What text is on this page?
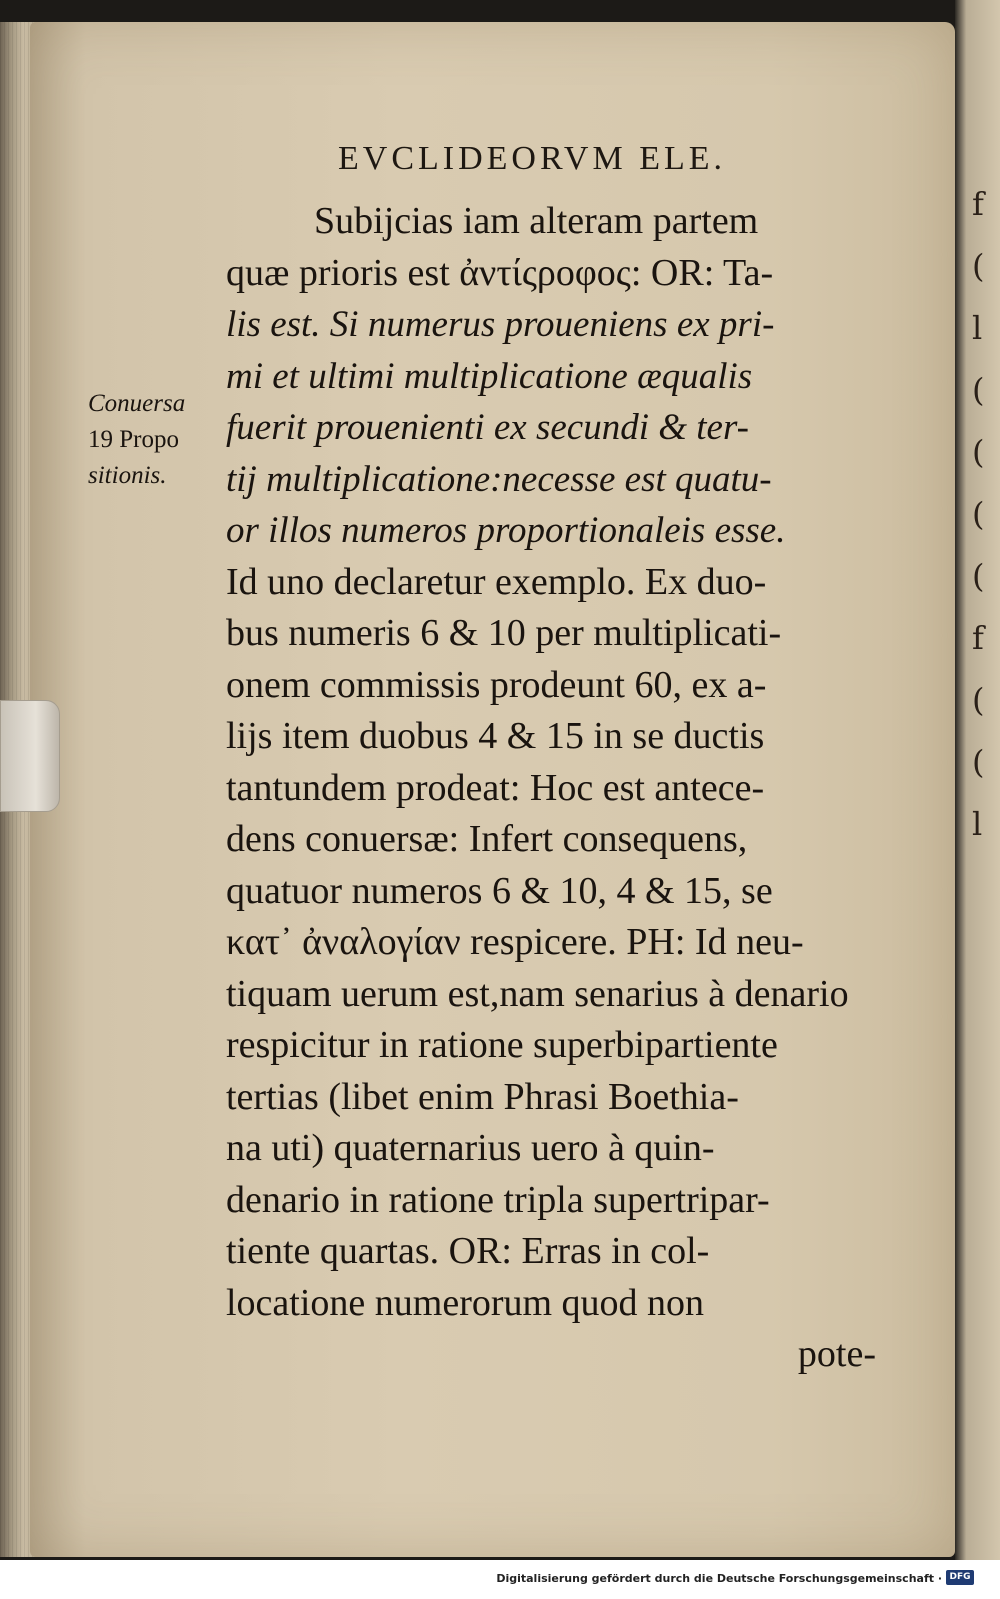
f
(
l
(
(
(
(
f
(
(
l
EVCLIDEORVM ELE.
Conuersa
19 Propo
sitionis.
Subijcias iam alteram partem
quæ prioris est ἀντίςροφος: OR: Ta-
lis est. Si numerus proueniens ex pri-
mi et ultimi multiplicatione æqualis
fuerit prouenienti ex secundi & ter-
tij multiplicatione:necesse est quatu-
or illos numeros proportionaleis esse.
Id uno declaretur exemplo. Ex duo-
bus numeris 6 & 10 per multiplicati-
onem commissis prodeunt 60, ex a-
lijs item duobus 4 & 15 in se ductis
tantundem prodeat: Hoc est antece-
dens conuersæ: Infert consequens,
quatuor numeros 6 & 10, 4 & 15, se
κατ᾽ ἀναλογίαν respicere. PH: Id neu-
tiquam uerum est,nam senarius à denario
respicitur in ratione superbipartiente
tertias (libet enim Phrasi Boethia-
na uti) quaternarius uero à quin-
denario in ratione tripla supertripar-
tiente quartas. OR: Erras in col-
locatione numerorum quod non
pote-
Digitalisierung gefördert durch die Deutsche Forschungsgemeinschaft · DFG
